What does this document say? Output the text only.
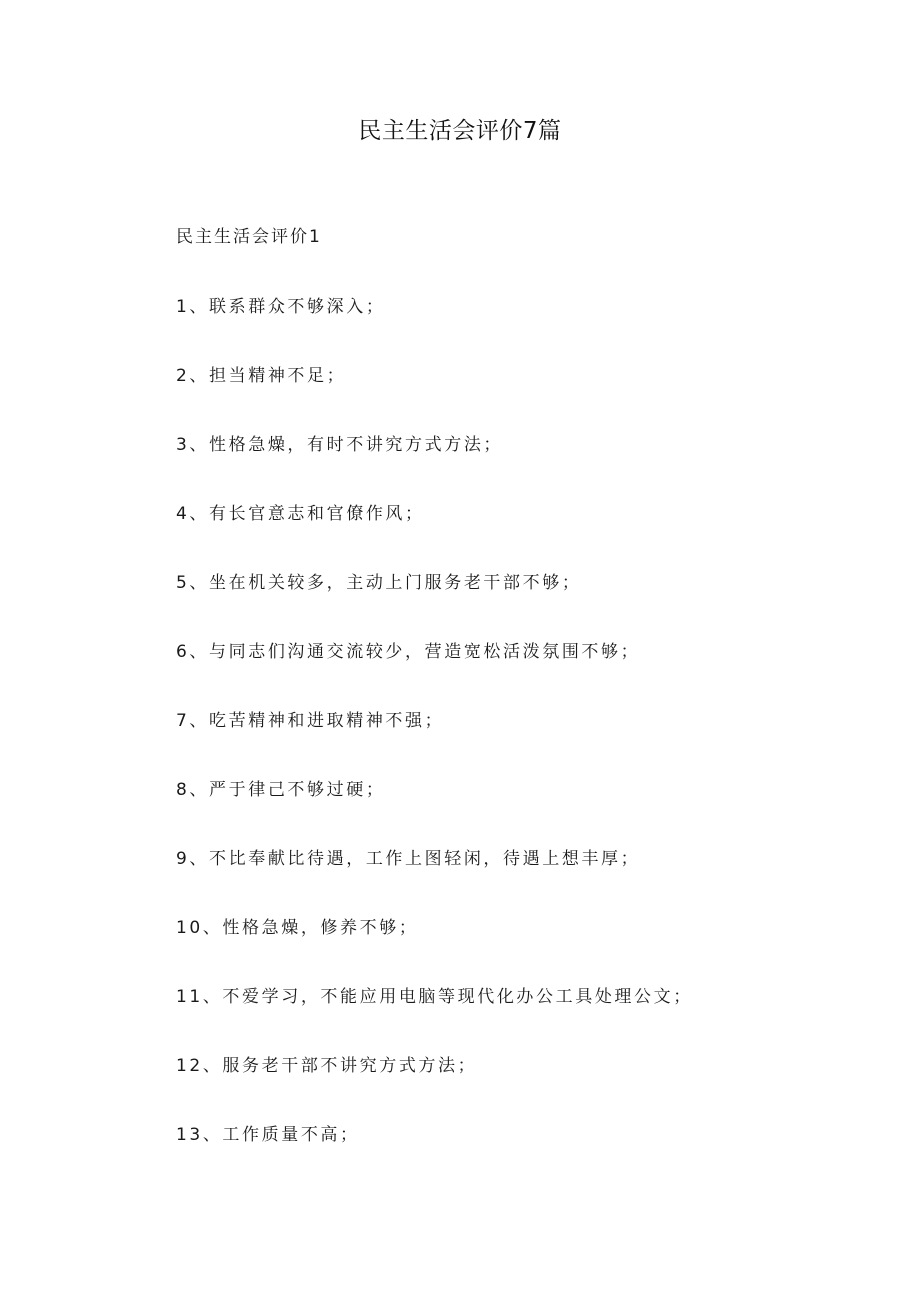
民主生活会评价7篇
民主生活会评价1
1、联系群众不够深入；
2、担当精神不足；
3、性格急燥，有时不讲究方式方法；
4、有长官意志和官僚作风；
5、坐在机关较多，主动上门服务老干部不够；
6、与同志们沟通交流较少，营造宽松活泼氛围不够；
7、吃苦精神和进取精神不强；
8、严于律己不够过硬；
9、不比奉献比待遇，工作上图轻闲，待遇上想丰厚；
10、性格急燥，修养不够；
11、不爱学习，不能应用电脑等现代化办公工具处理公文；
12、服务老干部不讲究方式方法；
13、工作质量不高；
